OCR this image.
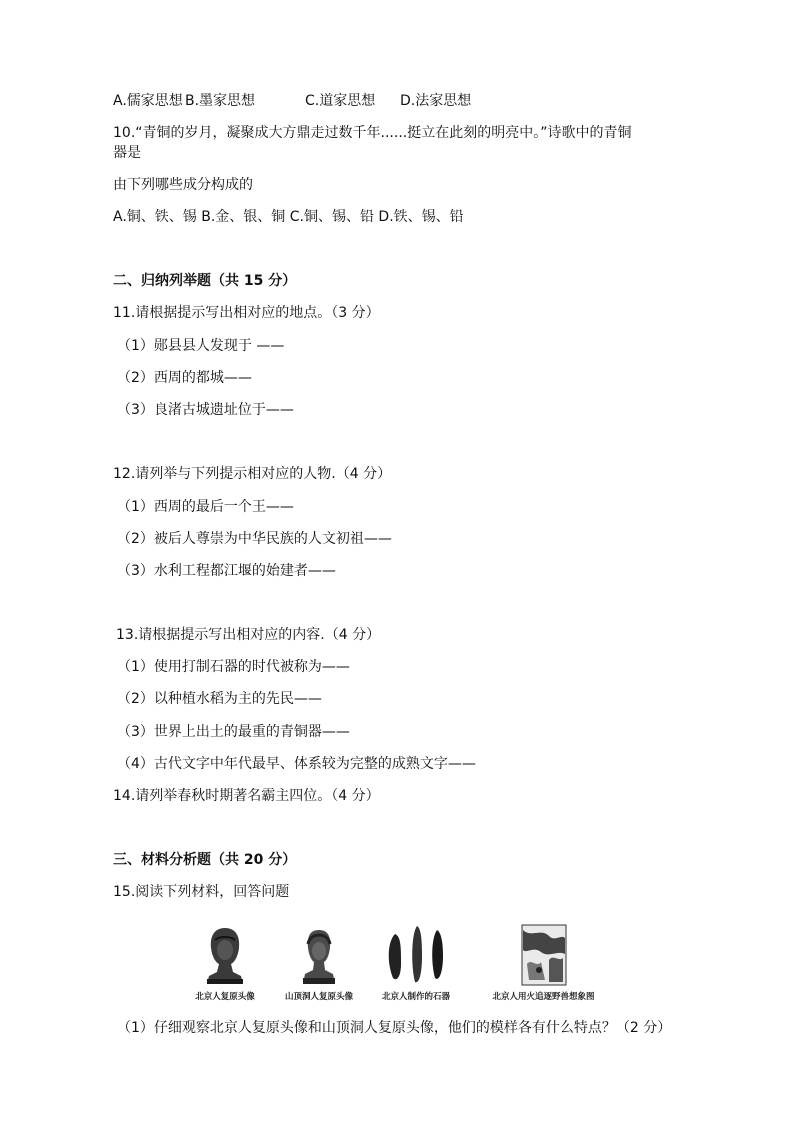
A.儒家思想 B.墨家思想	C.道家思想 D.法家思想
10.“青铜的岁月，凝聚成大方鼎走过数千年......挺立在此刻的明亮中。”诗歌中的青铜
器是
由下列哪些成分构成的
A.铜、铁、锡 B.金、银、铜 C.铜、锡、铅 D.铁、锡、铅
二、归纳列举题（共 15 分）
11.请根据提示写出相对应的地点。（3 分）
（1）郧县县人发现于 ——
（2）西周的都城——
（3）良渚古城遗址位于——
12.请列举与下列提示相对应的人物.（4 分）
（1）西周的最后一个王——
（2）被后人尊崇为中华民族的人文初祖——
（3）水利工程都江堰的始建者——
13.请根据提示写出相对应的内容.（4 分）
（1）使用打制石器的时代被称为——
（2）以种植水稻为主的先民——
（3）世界上出土的最重的青铜器——
（4）古代文字中年代最早、体系较为完整的成熟文字——
14.请列举春秋时期著名霸主四位。（4 分）
三、材料分析题（共 20 分）
15.阅读下列材料，回答问题
北京人复原头像	山顶洞人复原头像	北京人制作的石器	北京人用火追逐野兽想象图
（1）仔细观察北京人复原头像和山顶洞人复原头像，他们的模样各有什么特点？（2 分）
